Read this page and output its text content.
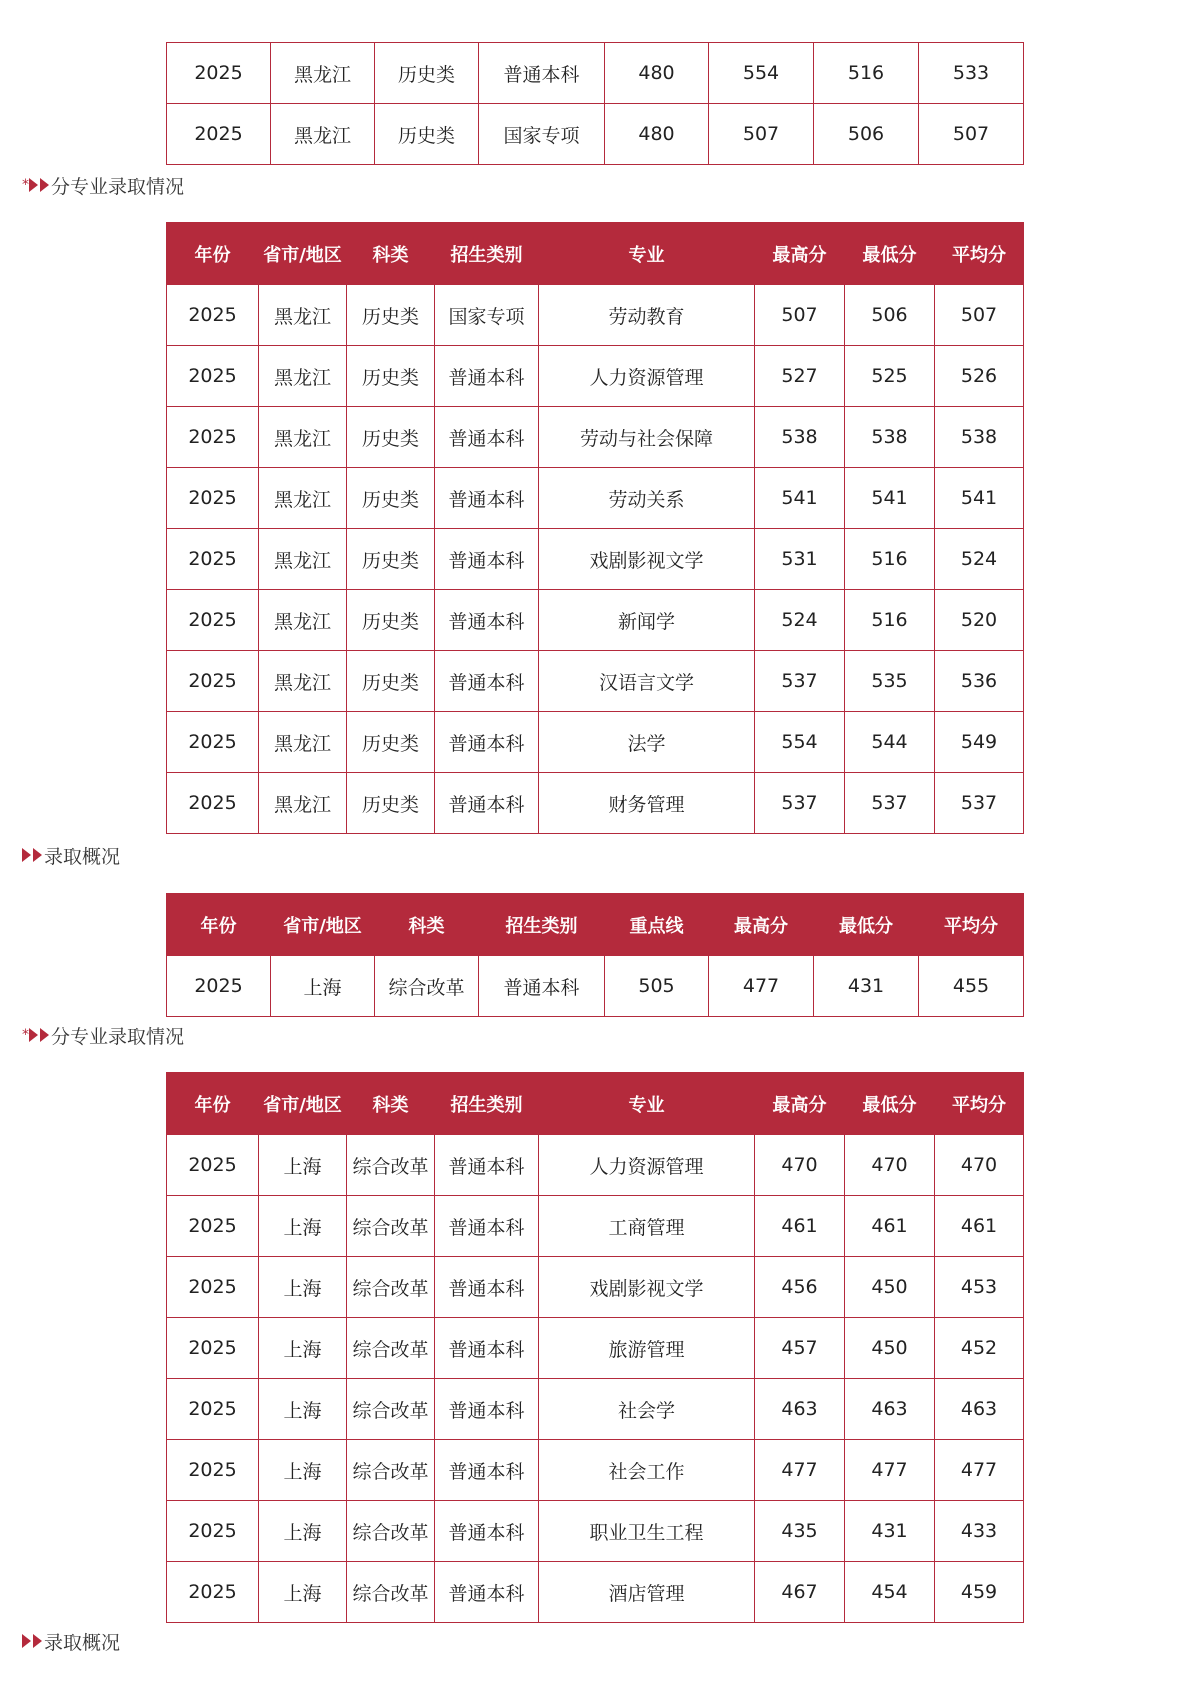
2025	黑龙江	历史类	普通本科	480	554	516	533
2025	黑龙江	历史类	国家专项	480	507	506	507
* 分专业录取情况
年份	省市/地区	科类	招生类别	专业	最高分	最低分	平均分
2025	黑龙江	历史类	国家专项	劳动教育	507	506	507
2025	黑龙江	历史类	普通本科	人力资源管理	527	525	526
2025	黑龙江	历史类	普通本科	劳动与社会保障	538	538	538
2025	黑龙江	历史类	普通本科	劳动关系	541	541	541
2025	黑龙江	历史类	普通本科	戏剧影视文学	531	516	524
2025	黑龙江	历史类	普通本科	新闻学	524	516	520
2025	黑龙江	历史类	普通本科	汉语言文学	537	535	536
2025	黑龙江	历史类	普通本科	法学	554	544	549
2025	黑龙江	历史类	普通本科	财务管理	537	537	537
录取概况
年份	省市/地区	科类	招生类别	重点线	最高分	最低分	平均分
2025	上海	综合改革	普通本科	505	477	431	455
* 分专业录取情况
年份	省市/地区	科类	招生类别	专业	最高分	最低分	平均分
2025	上海	综合改革	普通本科	人力资源管理	470	470	470
2025	上海	综合改革	普通本科	工商管理	461	461	461
2025	上海	综合改革	普通本科	戏剧影视文学	456	450	453
2025	上海	综合改革	普通本科	旅游管理	457	450	452
2025	上海	综合改革	普通本科	社会学	463	463	463
2025	上海	综合改革	普通本科	社会工作	477	477	477
2025	上海	综合改革	普通本科	职业卫生工程	435	431	433
2025	上海	综合改革	普通本科	酒店管理	467	454	459
录取概况
